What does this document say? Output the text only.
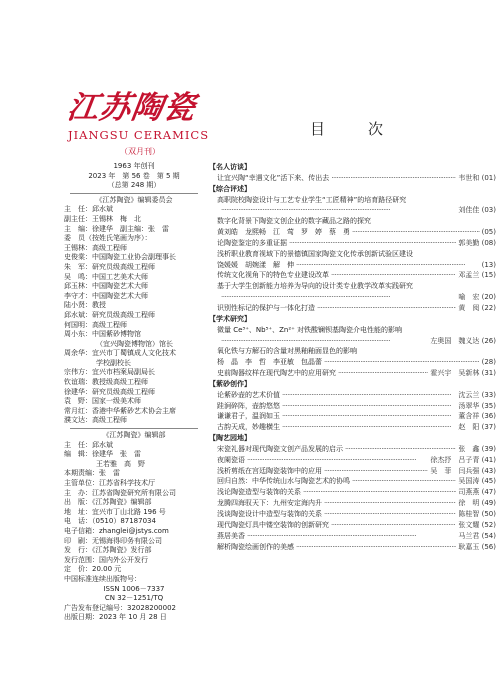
江苏陶瓷
JIANGSU CERAMICS
（双月刊）
1963 年创刊
2023 年　第 56 卷　第 5 期
（总第 248 期）
《江苏陶瓷》编辑委员会
主　任：邱水斌
副主任：王锡林　梅　北
主　编：徐建华　副主编：张　雷
委　员（按姓氏笔画为序）：
王锡林：高级工程师
史俊棠：中国陶瓷工业协会副理事长
朱　军：研究员级高级工程师
吴　鸣：中国工艺美术大师
邱玉林：中国陶瓷艺术大师
李守才：中国陶瓷艺术大师
陆小贤：教授
邱水斌：研究员级高级工程师
何国明：高级工程师
周小东：中国紫砂博物馆
（宜兴陶瓷博物馆）馆长
周余华：宜兴市丁蜀镇成人文化技术
学校副校长
宗伟方：宜兴市档案局副局长
钦谊瑞：教授级高级工程师
徐建华：研究员级高级工程师
袁　野：国家一级美术师
常月红：香港中华紫砂艺术协会主席
濮文达：高级工程师
《江苏陶瓷》编辑部
主　任：邱水斌
编　辑：徐建华　张　雷
王若雅　高　野
本期责编：张　雷
主管单位：江苏省科学技术厅
主　办：江苏省陶瓷研究所有限公司
出　版：《江苏陶瓷》编辑部
地　址：宜兴市丁山北路 196 号
电　话：（0510）87187034
电子信箱：zhanglei@jstys.com
印　刷：无锡海得印务有限公司
发　行：《江苏陶瓷》发行部
发行范围：国内外公开发行
定　价：20.00 元
中国标准连续出版物号：
ISSN 1006－7337
CN 32－1251/TQ
广告发布登记编号：32028200002
出版日期：2023 年 10 月 28 日
目　次
【名人访谈】
让宜兴陶“幸遇文化”活下来、传出去 ·····	韦世和 (01)
【综合评述】
高职院校陶瓷设计与工艺专业学生“工匠精神”的培育路径研究
·····
刘佳佳 (03)
数字化背景下陶瓷文创企业的数字藏品之路的探究
黄刘皓　龙熙畅　江　莺　罗　婷　蔡　勇 ·····	(05)
论陶瓷鉴定的多重证据 ·····	郭美勤 (08)
浅析职业教育视域下的景德镇国家陶瓷文化传承创新试验区建设
饶媛媛　胡婉漾　解　伸 ·····	(13)
传统文化视角下的特色专业建设改革 ·····	邓孟兰 (15)
基于大学生创新能力培养为导向的设计类专业教学改革实践研究
·····
喻　宏 (20)
识别性标记的保护与一体化打造 ·····	黄　阅 (22)
【学术研究】
微量 Ce³⁺、Nb⁵⁺、Zn²⁺ 对铁酸镧钡基陶瓷介电性能的影响
·····
左奥国　魏义达 (26)
氧化铁与方解石的含量对黑釉釉面显色的影响
杨　晶　李　哲　李亚敏　包晶蕾 ·····	(28)
史前陶器纹样在现代陶艺中的应用研究 ·····	霍兴宇　吴新林 (31)
【紫砂创作】
论紫砂壶的艺术价值 ·····	沈云兰 (33)
跬涧碎阵，壶韵悠悠 ·····	汤翠华 (35)
谦谦君子，温润如玉 ·····	董含祥 (36)
古韵天成，妙趣横生 ·····	赵　阳 (37)
【陶艺园地】
宋瓷礼器对现代陶瓷文创产品发展的启示 ·····	张　鑫 (39)
夜阑瓷语 ·····	徐杰抒　吕子青 (41)
浅析剪纸在宫廷陶瓷装饰中的应用 ·····	吴　菲　闫兵强 (43)
回归自然：中华传统山水与陶瓷艺术的协鸣 ·····	吴国涛 (45)
浅论陶瓷造型与装饰的关系 ·····	司燕燕 (47)
龙腾四海驭天下：九州安定海内升 ·····	徐　明 (49)
浅谈陶瓷设计中造型与装饰的关系 ·····	陈桂智 (50)
现代陶瓷灯具中镂空装饰的创新研究 ·····	张文耀 (52)
燕居美香 ·····	马兰君 (54)
解析陶瓷绘画创作的美感 ·····	耿嘉玉 (56)
